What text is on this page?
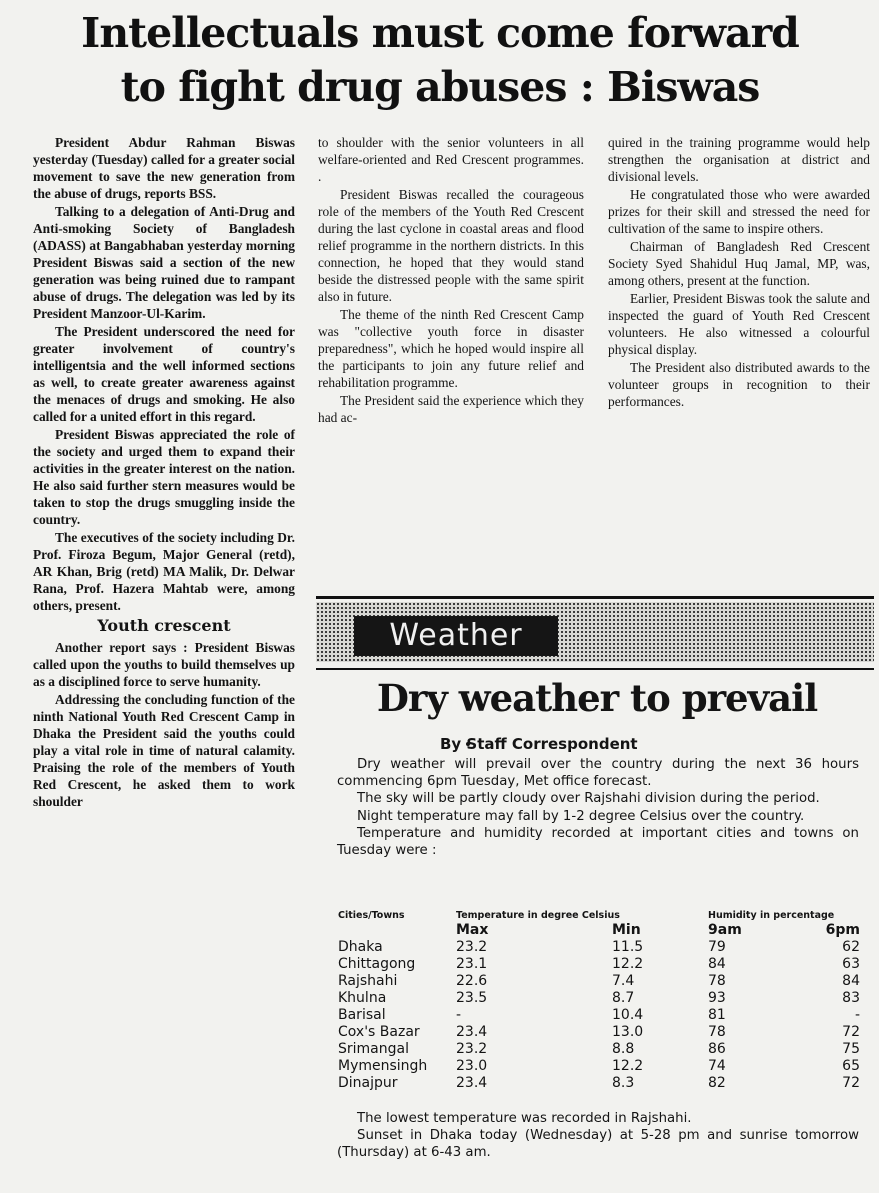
Intellectuals must come forward
to fight drug abuses : Biswas

President Abdur Rahman Biswas yesterday (Tuesday) called for a greater social movement to save the new generation from the abuse of drugs, reports BSS.

Talking to a delegation of Anti-Drug and Anti-smoking Society of Bangladesh (ADASS) at Bangabhaban yesterday morning President Biswas said a section of the new generation was being ruined due to rampant abuse of drugs. The delegation was led by its President Manzoor-Ul-Karim.

The President underscored the need for greater involvement of country's intelligentsia and the well informed sections as well, to create greater awareness against the menaces of drugs and smoking. He also called for a united effort in this regard.

President Biswas appreciated the role of the society and urged them to expand their activities in the greater interest on the nation. He also said further stern measures would be taken to stop the drugs smuggling inside the country.

The executives of the society including Dr. Prof. Firoza Begum, Major General (retd), AR Khan, Brig (retd) MA Malik, Dr. Delwar Rana, Prof. Hazera Mahtab were, among others, present.

Youth crescent

Another report says : President Biswas called upon the youths to build themselves up as a disciplined force to serve humanity.

Addressing the concluding function of the ninth National Youth Red Crescent Camp in Dhaka the President said the youths could play a vital role in time of natural calamity. Praising the role of the members of Youth Red Crescent, he asked them to work shoulder

to shoulder with the senior volunteers in all welfare-oriented and Red Crescent programmes. .

President Biswas recalled the courageous role of the members of the Youth Red Crescent during the last cyclone in coastal areas and flood relief programme in the northern districts. In this connection, he hoped that they would stand beside the distressed people with the same spirit also in future.

The theme of the ninth Red Crescent Camp was "collective youth force in disaster preparedness", which he hoped would inspire all the participants to join any future relief and rehabilitation programme.

The President said the experience which they had ac-

quired in the training programme would help strengthen the organisation at district and divisional levels.

He congratulated those who were awarded prizes for their skill and stressed the need for cultivation of the same to inspire others.

Chairman of Bangladesh Red Crescent Society Syed Shahidul Huq Jamal, MP, was, among others, present at the function.

Earlier, President Biswas took the salute and inspected the guard of Youth Red Crescent volunteers. He also witnessed a colourful physical display.

The President also distributed awards to the volunteer groups in recognition to their performances.

Weather
Dry weather to prevail
By Staff Correspondent

Dry weather will prevail over the country during the next 36 hours commencing 6pm Tuesday, Met office forecast.

The sky will be partly cloudy over Rajshahi division during the period.

Night temperature may fall by 1-2 degree Celsius over the country.

Temperature and humidity recorded at important cities and towns on Tuesday were :

Cities/Towns	Temperature in degree Celsius		Humidity in percentage	
	Max	Min	9am	6pm
Dhaka	23.2	11.5	79	62
Chittagong	23.1	12.2	84	63
Rajshahi	22.6	7.4	78	84
Khulna	23.5	8.7	93	83
Barisal	-	10.4	81	-
Cox's Bazar	23.4	13.0	78	72
Srimangal	23.2	8.8	86	75
Mymensingh	23.0	12.2	74	65
Dinajpur	23.4	8.3	82	72

The lowest temperature was recorded in Rajshahi.

Sunset in Dhaka today (Wednesday) at 5-28 pm and sunrise tomorrow (Thursday) at 6-43 am.
